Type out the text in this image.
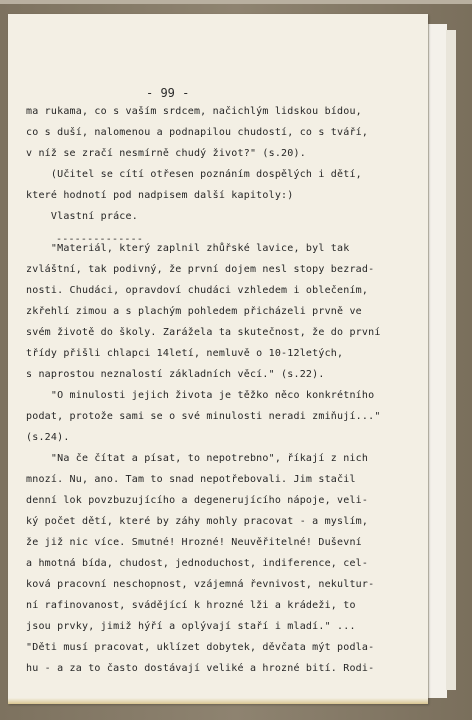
- 99 -
ma rukama, co s vaším srdcem, načichlým lidskou bídou,
co s duší, nalomenou a podnapilou chudostí, co s tváří,
v níž se zračí nesmírně chudý život?" (s.20).
(Učitel se cítí otřesen poznáním dospělých i dětí,
které hodnotí pod nadpisem další kapitoly:)
Vlastní práce.
--------------
"Materiál, který zaplnil zhůřské lavice, byl tak
zvláštní, tak podivný, že první dojem nesl stopy bezrad-
nosti. Chudáci, opravdoví chudáci vzhledem i oblečením,
zkřehlí zimou a s plachým pohledem přicházeli prvně ve
svém životě do školy. Zarážela ta skutečnost, že do první
třídy přišli chlapci 14letí, nemluvě o 10-12letých,
s naprostou neznalostí základních věcí." (s.22).
"O minulosti jejich života je těžko něco konkrétního
podat, protože sami se o své minulosti neradi zmiňují..."
(s.24).
"Na če čítat a písat, to nepotrebno", říkají z nich
mnozí. Nu, ano. Tam to snad nepotřebovali. Jim stačil
denní lok povzbuzujícího a degenerujícího nápoje, veli-
ký počet dětí, které by záhy mohly pracovat - a myslím,
že již nic více. Smutné! Hrozné! Neuvěřitelné! Duševní
a hmotná bída, chudost, jednoduchost, indiference, cel-
ková pracovní neschopnost, vzájemná řevnivost, nekultur-
ní rafinovanost, svádějící k hrozné lži a krádeži, to
jsou prvky, jimiž hýří a oplývají staří i mladí." ...
"Děti musí pracovat, uklízet dobytek, děvčata mýt podla-
hu - a za to často dostávají veliké a hrozné bití. Rodi-
